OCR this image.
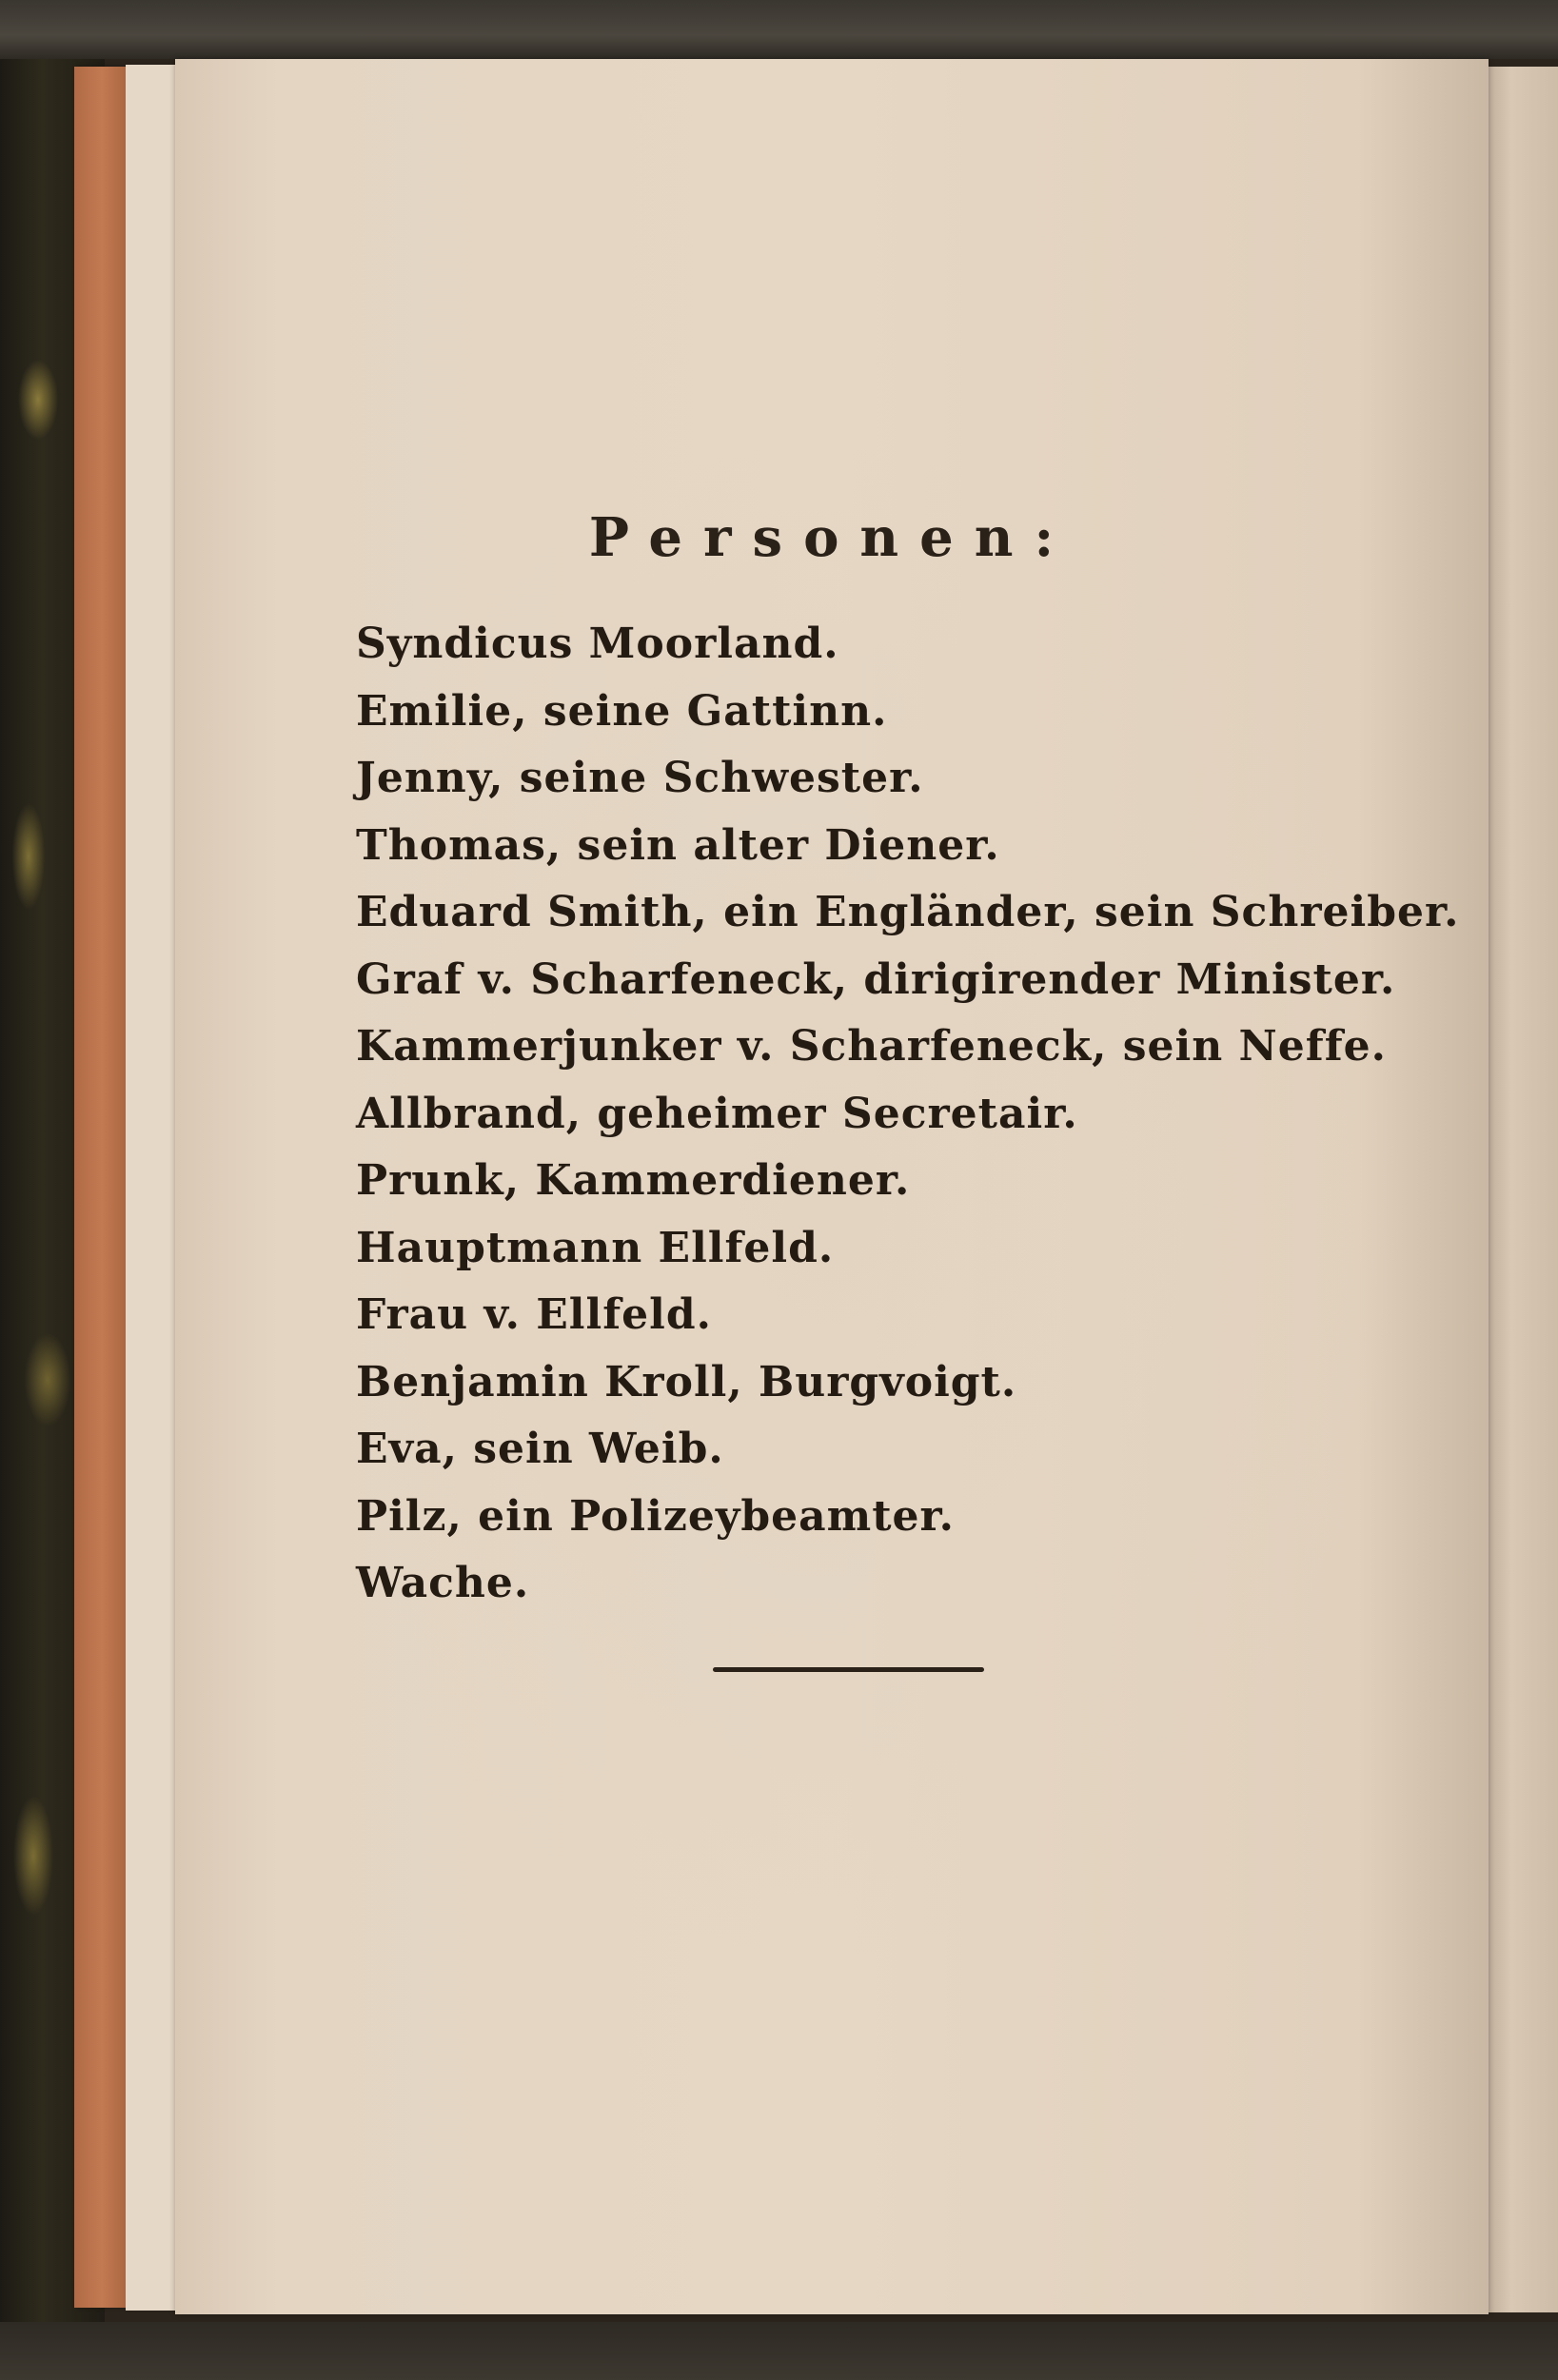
Personen:
Syndicus Moorland.
Emilie, seine Gattinn.
Jenny, seine Schwester.
Thomas, sein alter Diener.
Eduard Smith, ein Engländer, sein Schreiber.
Graf v. Scharfeneck, dirigirender Minister.
Kammerjunker v. Scharfeneck, sein Neffe.
Allbrand, geheimer Secretair.
Prunk, Kammerdiener.
Hauptmann Ellfeld.
Frau v. Ellfeld.
Benjamin Kroll, Burgvoigt.
Eva, sein Weib.
Pilz, ein Polizeybeamter.
Wache.
